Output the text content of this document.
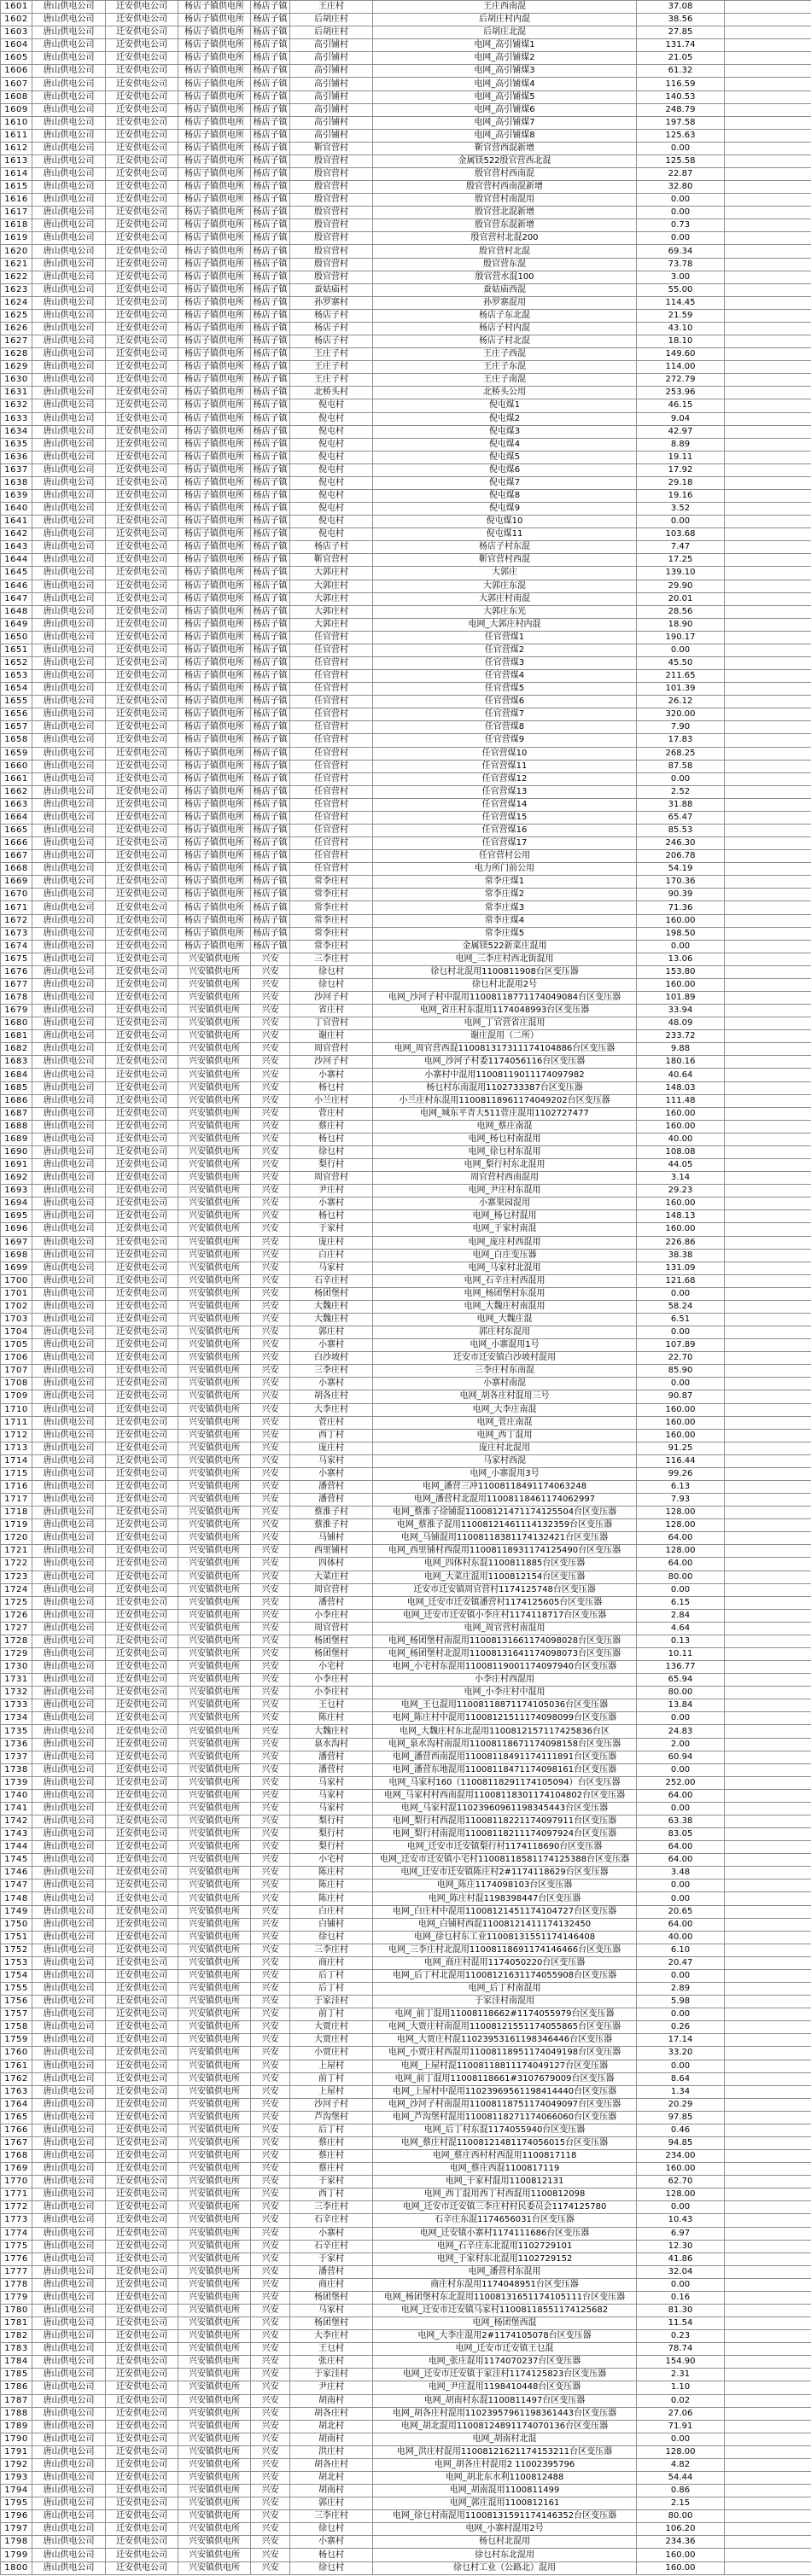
1601	唐山供电公司	迁安供电公司	杨店子镇供电所	杨店子镇	王庄村	王庄西南混	37.08	
1602	唐山供电公司	迁安供电公司	杨店子镇供电所	杨店子镇	后胡庄村	后胡庄村内混	38.56	
1603	唐山供电公司	迁安供电公司	杨店子镇供电所	杨店子镇	后胡庄村	后胡庄北混	27.85	
1604	唐山供电公司	迁安供电公司	杨店子镇供电所	杨店子镇	高引铺村	电网_高引铺煤1	131.74	
1605	唐山供电公司	迁安供电公司	杨店子镇供电所	杨店子镇	高引铺村	电网_高引铺煤2	21.05	
1606	唐山供电公司	迁安供电公司	杨店子镇供电所	杨店子镇	高引铺村	电网_高引铺煤3	61.32	
1607	唐山供电公司	迁安供电公司	杨店子镇供电所	杨店子镇	高引铺村	电网_高引铺煤4	116.59	
1608	唐山供电公司	迁安供电公司	杨店子镇供电所	杨店子镇	高引铺村	电网_高引铺煤5	140.53	
1609	唐山供电公司	迁安供电公司	杨店子镇供电所	杨店子镇	高引铺村	电网_高引铺煤6	248.79	
1610	唐山供电公司	迁安供电公司	杨店子镇供电所	杨店子镇	高引铺村	电网_高引铺煤7	197.58	
1611	唐山供电公司	迁安供电公司	杨店子镇供电所	杨店子镇	高引铺村	电网_高引铺煤8	125.63	
1612	唐山供电公司	迁安供电公司	杨店子镇供电所	杨店子镇	靳官营村	靳官营西混新增	0.00	
1613	唐山供电公司	迁安供电公司	杨店子镇供电所	杨店子镇	殷官营村	金属镁522殷官营西北混	125.58	
1614	唐山供电公司	迁安供电公司	杨店子镇供电所	杨店子镇	殷官营村	殷官营村西南混	22.87	
1615	唐山供电公司	迁安供电公司	杨店子镇供电所	杨店子镇	殷官营村	殷官营村西南混新增	32.80	
1616	唐山供电公司	迁安供电公司	杨店子镇供电所	杨店子镇	殷官营村	殷官营村南混用	0.00	
1617	唐山供电公司	迁安供电公司	杨店子镇供电所	杨店子镇	殷官营村	殷官营北混新增	0.00	
1618	唐山供电公司	迁安供电公司	杨店子镇供电所	杨店子镇	殷官营村	殷官营东混新增	0.73	
1619	唐山供电公司	迁安供电公司	杨店子镇供电所	杨店子镇	殷官营村	殷官营村北混200	0.00	
1620	唐山供电公司	迁安供电公司	杨店子镇供电所	杨店子镇	殷官营村	殷官营村北混	69.34	
1621	唐山供电公司	迁安供电公司	杨店子镇供电所	杨店子镇	殷官营村	殷官营东混	73.78	
1622	唐山供电公司	迁安供电公司	杨店子镇供电所	杨店子镇	殷官营村	殷官营水混100	3.00	
1623	唐山供电公司	迁安供电公司	杨店子镇供电所	杨店子镇	蚕姑庙村	蚕姑庙西混	55.00	
1624	唐山供电公司	迁安供电公司	杨店子镇供电所	杨店子镇	孙罗寨村	孙罗寨混用	114.45	
1625	唐山供电公司	迁安供电公司	杨店子镇供电所	杨店子镇	杨店子村	杨店子东北混	21.59	
1626	唐山供电公司	迁安供电公司	杨店子镇供电所	杨店子镇	杨店子村	杨店子村内混	43.10	
1627	唐山供电公司	迁安供电公司	杨店子镇供电所	杨店子镇	杨店子村	杨店子村北混	18.10	
1628	唐山供电公司	迁安供电公司	杨店子镇供电所	杨店子镇	王庄子村	王庄子西混	149.60	
1629	唐山供电公司	迁安供电公司	杨店子镇供电所	杨店子镇	王庄子村	王庄子东混	114.00	
1630	唐山供电公司	迁安供电公司	杨店子镇供电所	杨店子镇	王庄子村	王庄子南混	272.79	
1631	唐山供电公司	迁安供电公司	杨店子镇供电所	杨店子镇	北桥头村	北桥头公用	253.96	
1632	唐山供电公司	迁安供电公司	杨店子镇供电所	杨店子镇	倪屯村	倪屯煤1	46.15	
1633	唐山供电公司	迁安供电公司	杨店子镇供电所	杨店子镇	倪屯村	倪屯煤2	9.04	
1634	唐山供电公司	迁安供电公司	杨店子镇供电所	杨店子镇	倪屯村	倪屯煤3	42.97	
1635	唐山供电公司	迁安供电公司	杨店子镇供电所	杨店子镇	倪屯村	倪屯煤4	8.89	
1636	唐山供电公司	迁安供电公司	杨店子镇供电所	杨店子镇	倪屯村	倪屯煤5	19.11	
1637	唐山供电公司	迁安供电公司	杨店子镇供电所	杨店子镇	倪屯村	倪屯煤6	17.92	
1638	唐山供电公司	迁安供电公司	杨店子镇供电所	杨店子镇	倪屯村	倪屯煤7	29.18	
1639	唐山供电公司	迁安供电公司	杨店子镇供电所	杨店子镇	倪屯村	倪屯煤8	19.16	
1640	唐山供电公司	迁安供电公司	杨店子镇供电所	杨店子镇	倪屯村	倪屯煤9	3.52	
1641	唐山供电公司	迁安供电公司	杨店子镇供电所	杨店子镇	倪屯村	倪屯煤10	0.00	
1642	唐山供电公司	迁安供电公司	杨店子镇供电所	杨店子镇	倪屯村	倪屯煤11	103.68	
1643	唐山供电公司	迁安供电公司	杨店子镇供电所	杨店子镇	杨店子村	杨店子村东混	7.47	
1644	唐山供电公司	迁安供电公司	杨店子镇供电所	杨店子镇	靳官营村	靳官营村西混	17.25	
1645	唐山供电公司	迁安供电公司	杨店子镇供电所	杨店子镇	大郭庄村	大郭庄	139.10	
1646	唐山供电公司	迁安供电公司	杨店子镇供电所	杨店子镇	大郭庄村	大郭庄东混	29.90	
1647	唐山供电公司	迁安供电公司	杨店子镇供电所	杨店子镇	大郭庄村	大郭庄村南混	20.01	
1648	唐山供电公司	迁安供电公司	杨店子镇供电所	杨店子镇	大郭庄村	大郭庄东光	28.56	
1649	唐山供电公司	迁安供电公司	杨店子镇供电所	杨店子镇	大郭庄村	电网_大郭庄村内混	18.90	
1650	唐山供电公司	迁安供电公司	杨店子镇供电所	杨店子镇	任官营村	任官营煤1	190.17	
1651	唐山供电公司	迁安供电公司	杨店子镇供电所	杨店子镇	任官营村	任官营煤2	0.00	
1652	唐山供电公司	迁安供电公司	杨店子镇供电所	杨店子镇	任官营村	任官营煤3	45.50	
1653	唐山供电公司	迁安供电公司	杨店子镇供电所	杨店子镇	任官营村	任官营煤4	211.65	
1654	唐山供电公司	迁安供电公司	杨店子镇供电所	杨店子镇	任官营村	任官营煤5	101.39	
1655	唐山供电公司	迁安供电公司	杨店子镇供电所	杨店子镇	任官营村	任官营煤6	26.12	
1656	唐山供电公司	迁安供电公司	杨店子镇供电所	杨店子镇	任官营村	任官营煤7	320.00	
1657	唐山供电公司	迁安供电公司	杨店子镇供电所	杨店子镇	任官营村	任官营煤8	7.90	
1658	唐山供电公司	迁安供电公司	杨店子镇供电所	杨店子镇	任官营村	任官营煤9	17.83	
1659	唐山供电公司	迁安供电公司	杨店子镇供电所	杨店子镇	任官营村	任官营煤10	268.25	
1660	唐山供电公司	迁安供电公司	杨店子镇供电所	杨店子镇	任官营村	任官营煤11	87.58	
1661	唐山供电公司	迁安供电公司	杨店子镇供电所	杨店子镇	任官营村	任官营煤12	0.00	
1662	唐山供电公司	迁安供电公司	杨店子镇供电所	杨店子镇	任官营村	任官营煤13	2.52	
1663	唐山供电公司	迁安供电公司	杨店子镇供电所	杨店子镇	任官营村	任官营煤14	31.88	
1664	唐山供电公司	迁安供电公司	杨店子镇供电所	杨店子镇	任官营村	任官营煤15	65.47	
1665	唐山供电公司	迁安供电公司	杨店子镇供电所	杨店子镇	任官营村	任官营煤16	85.53	
1666	唐山供电公司	迁安供电公司	杨店子镇供电所	杨店子镇	任官营村	任官营煤17	246.30	
1667	唐山供电公司	迁安供电公司	杨店子镇供电所	杨店子镇	任官营村	任官营村公用	206.78	
1668	唐山供电公司	迁安供电公司	杨店子镇供电所	杨店子镇	任官营村	电力所门前公用	54.19	
1669	唐山供电公司	迁安供电公司	杨店子镇供电所	杨店子镇	常李庄村	常李庄煤1	170.36	
1670	唐山供电公司	迁安供电公司	杨店子镇供电所	杨店子镇	常李庄村	常李庄煤2	90.39	
1671	唐山供电公司	迁安供电公司	杨店子镇供电所	杨店子镇	常李庄村	常李庄煤3	71.36	
1672	唐山供电公司	迁安供电公司	杨店子镇供电所	杨店子镇	常李庄村	常李庄煤4	160.00	
1673	唐山供电公司	迁安供电公司	杨店子镇供电所	杨店子镇	常李庄村	常李庄煤5	198.50	
1674	唐山供电公司	迁安供电公司	杨店子镇供电所	杨店子镇	常李庄村	金属镁522新菜庄混用	0.00	
1675	唐山供电公司	迁安供电公司	兴安镇供电所	兴安	三李庄村	电网_三李庄村西北街混用	13.06	
1676	唐山供电公司	迁安供电公司	兴安镇供电所	兴安	徐乜村	徐乜村北混用1100811908台区变压器	153.80	
1677	唐山供电公司	迁安供电公司	兴安镇供电所	兴安	徐乜村	徐乜村北混用2号	160.00	
1678	唐山供电公司	迁安供电公司	兴安镇供电所	兴安	沙河子村	电网_沙河子村中混用11008118771174049084台区变压器	101.89	
1679	唐山供电公司	迁安供电公司	兴安镇供电所	兴安	省庄村	电网_省庄村东混用1174048993台区变压器	33.94	
1680	唐山供电公司	迁安供电公司	兴安镇供电所	兴安	丁官营村	电网_丁官营省庄混用	48.09	
1681	唐山供电公司	迁安供电公司	兴安镇供电所	兴安	谢庄村	谢庄混用（二所）	233.72	
1682	唐山供电公司	迁安供电公司	兴安镇供电所	兴安	周官营村	电网_周官营西混110081317311174104886台区变压器	9.88	
1683	唐山供电公司	迁安供电公司	兴安镇供电所	兴安	沙河子村	电网_沙河子村委1174056116台区变压器	180.16	
1684	唐山供电公司	迁安供电公司	兴安镇供电所	兴安	小寨村	小寨村中混用11008119011174097982	40.64	
1685	唐山供电公司	迁安供电公司	兴安镇供电所	兴安	杨乜村	杨乜村东南混用1102733387台区变压器	148.03	
1686	唐山供电公司	迁安供电公司	兴安镇供电所	兴安	小兰庄村	小兰庄村东混用11008118961174049202台区变压器	111.48	
1687	唐山供电公司	迁安供电公司	兴安镇供电所	兴安	菅庄村	电网_城东平青大511菅庄混用1102727477	160.00	
1688	唐山供电公司	迁安供电公司	兴安镇供电所	兴安	蔡庄村	电网_蔡庄南混	160.00	
1689	唐山供电公司	迁安供电公司	兴安镇供电所	兴安	杨乜村	电网_杨乜村南混用	40.00	
1690	唐山供电公司	迁安供电公司	兴安镇供电所	兴安	徐乜村	电网_徐乜村东混用	108.08	
1691	唐山供电公司	迁安供电公司	兴安镇供电所	兴安	梨行村	电网_梨行村东北混用	44.05	
1692	唐山供电公司	迁安供电公司	兴安镇供电所	兴安	周官营村	周官营村西南混用	3.14	
1693	唐山供电公司	迁安供电公司	兴安镇供电所	兴安	尹庄村	电网_尹庄村东混用	29.23	
1694	唐山供电公司	迁安供电公司	兴安镇供电所	兴安	小寨村	小寨果园混用	160.00	
1695	唐山供电公司	迁安供电公司	兴安镇供电所	兴安	杨乜村	电网_杨乜村混用	148.13	
1696	唐山供电公司	迁安供电公司	兴安镇供电所	兴安	于家村	电网_于家村南混	160.00	
1697	唐山供电公司	迁安供电公司	兴安镇供电所	兴安	庞庄村	电网_庞庄村西混用	226.86	
1698	唐山供电公司	迁安供电公司	兴安镇供电所	兴安	白庄村	电网_白庄变压器	38.38	
1699	唐山供电公司	迁安供电公司	兴安镇供电所	兴安	马家村	电网_马家村北混用	131.09	
1700	唐山供电公司	迁安供电公司	兴安镇供电所	兴安	石辛庄村	电网_石辛庄村西混用	121.68	
1701	唐山供电公司	迁安供电公司	兴安镇供电所	兴安	杨团堡村	电网_杨团堡村东混用	0.00	
1702	唐山供电公司	迁安供电公司	兴安镇供电所	兴安	大魏庄村	电网_大魏庄村南混用	58.24	
1703	唐山供电公司	迁安供电公司	兴安镇供电所	兴安	大魏庄村	电网_大魏庄混	6.51	
1704	唐山供电公司	迁安供电公司	兴安镇供电所	兴安	郭庄村	郭庄村东混用	0.00	
1705	唐山供电公司	迁安供电公司	兴安镇供电所	兴安	小寨村	电网_小寨混用1号	107.89	
1706	唐山供电公司	迁安供电公司	兴安镇供电所	兴安	白沙坡村	迁安市迁安镇白沙坡村混用	22.70	
1707	唐山供电公司	迁安供电公司	兴安镇供电所	兴安	三李庄村	三李庄村东南混	85.90	
1708	唐山供电公司	迁安供电公司	兴安镇供电所	兴安	小寨村	小寨村南混	0.00	
1709	唐山供电公司	迁安供电公司	兴安镇供电所	兴安	胡各庄村	电网_胡各庄村混用三号	90.87	
1710	唐山供电公司	迁安供电公司	兴安镇供电所	兴安	大李庄村	电网_大李庄南混	160.00	
1711	唐山供电公司	迁安供电公司	兴安镇供电所	兴安	菅庄村	电网_菅庄南混	160.00	
1712	唐山供电公司	迁安供电公司	兴安镇供电所	兴安	西丁村	电网_西丁混用	160.00	
1713	唐山供电公司	迁安供电公司	兴安镇供电所	兴安	庞庄村	庞庄村北混用	91.25	
1714	唐山供电公司	迁安供电公司	兴安镇供电所	兴安	马家村	马家村西混	116.44	
1715	唐山供电公司	迁安供电公司	兴安镇供电所	兴安	小寨村	电网_小寨混用3号	99.26	
1716	唐山供电公司	迁安供电公司	兴安镇供电所	兴安	潘营村	电网_潘营三冲11008118491174063248	6.13	
1717	唐山供电公司	迁安供电公司	兴安镇供电所	兴安	潘营村	电网_潘营村北混用11008118461174062997	7.93	
1718	唐山供电公司	迁安供电公司	兴安镇供电所	兴安	蔡淮子村	电网_蔡淮子徐铺混11008121471174125504台区变压器	128.00	
1719	唐山供电公司	迁安供电公司	兴安镇供电所	兴安	蔡淮子村	电网_蔡淮子混用11008121461114132359台区变压器	128.00	
1720	唐山供电公司	迁安供电公司	兴安镇供电所	兴安	马铺村	电网_马铺混用11008118381174132421台区变压器	64.00	
1721	唐山供电公司	迁安供电公司	兴安镇供电所	兴安	西里铺村	电网_西里铺村西混用11008118931174125490台区变压器	128.00	
1722	唐山供电公司	迁安供电公司	兴安镇供电所	兴安	四体村	电网_四体村东混1100811885台区变压器	64.00	
1723	唐山供电公司	迁安供电公司	兴安镇供电所	兴安	大菜庄村	电网_大菜庄混用1100812154台区变压器	80.00	
1724	唐山供电公司	迁安供电公司	兴安镇供电所	兴安	周官营村	迁安市迁安镇周官营村1174125748台区变压器	0.00	
1725	唐山供电公司	迁安供电公司	兴安镇供电所	兴安	潘营村	电网_迁安市迁安镇潘营村1174125605台区变压器	6.15	
1726	唐山供电公司	迁安供电公司	兴安镇供电所	兴安	小李庄村	电网_迁安市迁安镇小李庄村1174118717台区变压器	2.84	
1727	唐山供电公司	迁安供电公司	兴安镇供电所	兴安	周官营村	电网_周官营村南混用	4.64	
1728	唐山供电公司	迁安供电公司	兴安镇供电所	兴安	杨团堡村	电网_杨团堡村南混用11008131661174098028台区变压器	0.13	
1729	唐山供电公司	迁安供电公司	兴安镇供电所	兴安	杨团堡村	电网_杨团堡村北混用11008131641174098073台区变压器	10.11	
1730	唐山供电公司	迁安供电公司	兴安镇供电所	兴安	小宅村	电网_小宅村东混用11008119001174097940台区变压器	136.77	
1731	唐山供电公司	迁安供电公司	兴安镇供电所	兴安	小李庄村	小李庄村西混用	65.94	
1732	唐山供电公司	迁安供电公司	兴安镇供电所	兴安	小李庄村	电网_小李庄村中混用	80.00	
1733	唐山供电公司	迁安供电公司	兴安镇供电所	兴安	王乜村	电网_王乜混用11008118871174105036台区变压器	13.84	
1734	唐山供电公司	迁安供电公司	兴安镇供电所	兴安	陈庄村	电网_陈庄村中混用11008121511174098099台区变压器	0.00	
1735	唐山供电公司	迁安供电公司	兴安镇供电所	兴安	大魏庄村	电网_大魏庄村东北混用1100812157117425836台区	24.83	
1736	唐山供电公司	迁安供电公司	兴安镇供电所	兴安	泉水沟村	电网_泉水沟村南混用11008118671174098158台区变压器	2.00	
1737	唐山供电公司	迁安供电公司	兴安镇供电所	兴安	潘营村	电网_潘营西南混用11008118491174111891台区变压器	60.94	
1738	唐山供电公司	迁安供电公司	兴安镇供电所	兴安	潘营村	电网_潘营东地混用11008118471174098161台区变压器	0.00	
1739	唐山供电公司	迁安供电公司	兴安镇供电所	兴安	马家村	电网_马家村160（11008118291174105094）台区变压器	252.00	
1740	唐山供电公司	迁安供电公司	兴安镇供电所	兴安	马家村	电网_马家村村西南混用11008118301174104802台区变压器	64.00	
1741	唐山供电公司	迁安供电公司	兴安镇供电所	兴安	马家村	电网_马家村混11023960961198345443台区变压器	0.00	
1742	唐山供电公司	迁安供电公司	兴安镇供电所	兴安	梨行村	电网_梨行村西混用11008118221174097911台区变压器	63.38	
1743	唐山供电公司	迁安供电公司	兴安镇供电所	兴安	梨行村	电网_梨行村南混用11008118211174097924台区变压器	83.05	
1744	唐山供电公司	迁安供电公司	兴安镇供电所	兴安	梨行村	电网_迁安市迁安镇梨行村1174118690台区变压器	64.00	
1745	唐山供电公司	迁安供电公司	兴安镇供电所	兴安	小宅村	电网_迁安市迁安镇小宅村11008118581174125388台区变压器	64.00	
1746	唐山供电公司	迁安供电公司	兴安镇供电所	兴安	陈庄村	电网_迁安市迁安镇陈庄村2#1174118629台区变压器	3.48	
1747	唐山供电公司	迁安供电公司	兴安镇供电所	兴安	陈庄村	电网_陈庄1174098103台区变压器	0.00	
1748	唐山供电公司	迁安供电公司	兴安镇供电所	兴安	陈庄村	电网_陈庄村混1198398447台区变压器	0.00	
1749	唐山供电公司	迁安供电公司	兴安镇供电所	兴安	白庄村	电网_白庄村中混用11008121451174104727台区变压器	20.65	
1750	唐山供电公司	迁安供电公司	兴安镇供电所	兴安	白铺村	电网_白铺村西混11008121411174132450	64.00	
1751	唐山供电公司	迁安供电公司	兴安镇供电所	兴安	徐乜村	电网_徐乜村东工业11008131551174146408	40.00	
1752	唐山供电公司	迁安供电公司	兴安镇供电所	兴安	三李庄村	电网_三李庄村北混用11008118691174146466台区变压器	6.10	
1753	唐山供电公司	迁安供电公司	兴安镇供电所	兴安	商庄村	电网_商庄村混用1174050220台区变压器	20.47	
1754	唐山供电公司	迁安供电公司	兴安镇供电所	兴安	后丁村	电网_后丁村北混用11008121631174055908台区变压器	0.00	
1755	唐山供电公司	迁安供电公司	兴安镇供电所	兴安	后丁村	电网_后丁村南混用	2.89	
1756	唐山供电公司	迁安供电公司	兴安镇供电所	兴安	于家洼村	于家洼村南混用	5.98	
1757	唐山供电公司	迁安供电公司	兴安镇供电所	兴安	前丁村	电网_前丁混用11008118662#1174055979台区变压器	0.00	
1758	唐山供电公司	迁安供电公司	兴安镇供电所	兴安	大贾庄村	电网_大贾庄村南混用11008121551174055865台区变压器	0.26	
1759	唐山供电公司	迁安供电公司	兴安镇供电所	兴安	大贾庄村	电网_大贾庄村混11023953161198346446台区变压器	17.14	
1760	唐山供电公司	迁安供电公司	兴安镇供电所	兴安	小贾庄村	电网_小贾庄村西混用11008118951174049198台区变压器	33.20	
1761	唐山供电公司	迁安供电公司	兴安镇供电所	兴安	上屋村	电网_上屋村混11008118811174049127台区变压器	0.00	
1762	唐山供电公司	迁安供电公司	兴安镇供电所	兴安	前丁村	电网_前丁混用11008118661#3107679009台区变压器	8.64	
1763	唐山供电公司	迁安供电公司	兴安镇供电所	兴安	上屋村	电网_上屋村中混用11023969561198414440台区变压器	1.34	
1764	唐山供电公司	迁安供电公司	兴安镇供电所	兴安	沙河子村	电网_沙河子村南混用11008118751174049097台区变压器	20.29	
1765	唐山供电公司	迁安供电公司	兴安镇供电所	兴安	芦沟堡村	电网_芦沟堡村混用11008118271174066060台区变压器	97.85	
1766	唐山供电公司	迁安供电公司	兴安镇供电所	兴安	后丁村	电网_后丁村东混1174055940台区变压器	0.46	
1767	唐山供电公司	迁安供电公司	兴安镇供电所	兴安	蔡庄村	电网_蔡庄村混11008121481174056015台区变压器	94.85	
1768	唐山供电公司	迁安供电公司	兴安镇供电所	兴安	蔡庄村	电网_蔡庄西村村西混用1100817118	234.00	
1769	唐山供电公司	迁安供电公司	兴安镇供电所	兴安	蔡庄村	电网_蔡庄西混1100817119	160.00	
1770	唐山供电公司	迁安供电公司	兴安镇供电所	兴安	于家村	电网_于家村混用1100812131	62.70	
1771	唐山供电公司	迁安供电公司	兴安镇供电所	兴安	西丁村	电网_西丁混用西丁村西混用1100812098	128.00	
1772	唐山供电公司	迁安供电公司	兴安镇供电所	兴安	三李庄村	电网_迁安市迁安镇三李庄村村民委员会1174125780	0.00	
1773	唐山供电公司	迁安供电公司	兴安镇供电所	兴安	石辛庄村	石辛庄东混1174656031台区变压器	10.43	
1774	唐山供电公司	迁安供电公司	兴安镇供电所	兴安	小寨村	电网_迁安镇小寨村1174111686台区变压器	6.97	
1775	唐山供电公司	迁安供电公司	兴安镇供电所	兴安	石辛庄村	电网_石辛庄东北混用1102729101	12.30	
1776	唐山供电公司	迁安供电公司	兴安镇供电所	兴安	于家村	电网_于家村东北混用1102729152	41.86	
1777	唐山供电公司	迁安供电公司	兴安镇供电所	兴安	潘营村	电网_潘营村东混用	32.04	
1778	唐山供电公司	迁安供电公司	兴安镇供电所	兴安	商庄村	商庄村东混用1174048951台区变压器	0.00	
1779	唐山供电公司	迁安供电公司	兴安镇供电所	兴安	杨团堡村	电网_杨团堡村东北混用11008131651174105111台区变压器	0.16	
1780	唐山供电公司	迁安供电公司	兴安镇供电所	兴安	马家村	电网_迁安市迁安镇马家村11008118551174125682	81.30	
1781	唐山供电公司	迁安供电公司	兴安镇供电所	兴安	杨团堡村	电网_杨团堡西混	11.54	
1782	唐山供电公司	迁安供电公司	兴安镇供电所	兴安	大李庄村	电网_大李庄混用2#1174105078台区变压器	0.23	
1783	唐山供电公司	迁安供电公司	兴安镇供电所	兴安	王乜村	电网_迁安市迁安镇王乜混	78.74	
1784	唐山供电公司	迁安供电公司	兴安镇供电所	兴安	张庄村	电网_张庄混用1174070237台区变压器	154.90	
1785	唐山供电公司	迁安供电公司	兴安镇供电所	兴安	于家洼村	电网_迁安市迁安镇于家洼村1174125823台区变压器	2.31	
1786	唐山供电公司	迁安供电公司	兴安镇供电所	兴安	尹庄村	电网_尹庄混用1198410448台区变压器	1.10	
1787	唐山供电公司	迁安供电公司	兴安镇供电所	兴安	胡南村	电网_胡南村东混1100811497台区变压器	0.02	
1788	唐山供电公司	迁安供电公司	兴安镇供电所	兴安	胡各庄村	电网_胡各庄村混用11023957961198361443台区变压器	27.06	
1789	唐山供电公司	迁安供电公司	兴安镇供电所	兴安	胡北村	电网_胡北混用11008124891174070136台区变压器	71.91	
1790	唐山供电公司	迁安供电公司	兴安镇供电所	兴安	胡南村	电网_胡南村北混	0.00	
1791	唐山供电公司	迁安供电公司	兴安镇供电所	兴安	洪庄村	电网_洪庄村混用11008121621174153211台区变压器	128.00	
1792	唐山供电公司	迁安供电公司	兴安镇供电所	兴安	胡各庄村	电网_胡各庄村混用2 11002395796	4.82	
1793	唐山供电公司	迁安供电公司	兴安镇供电所	兴安	胡北村	电网_胡北东水利1100812488	54.44	
1794	唐山供电公司	迁安供电公司	兴安镇供电所	兴安	胡南村	电网_胡南混用1100811499	0.86	
1795	唐山供电公司	迁安供电公司	兴安镇供电所	兴安	郭庄村	电网_郭庄混用1100812161	2.15	
1796	唐山供电公司	迁安供电公司	兴安镇供电所	兴安	三李庄村	电网_徐乜村南混用11008131591174146352台区变压器	80.00	
1797	唐山供电公司	迁安供电公司	兴安镇供电所	兴安	徐乜村	电网_小寨村混用2号	106.20	
1798	唐山供电公司	迁安供电公司	兴安镇供电所	兴安	小寨村	杨乜村北混用	234.36	
1799	唐山供电公司	迁安供电公司	兴安镇供电所	兴安	杨乜村	徐乜村东北混用	160.00	
1800	唐山供电公司	迁安供电公司	兴安镇供电所	兴安	徐乜村	徐乜村工业（公路北）混用	160.00	
